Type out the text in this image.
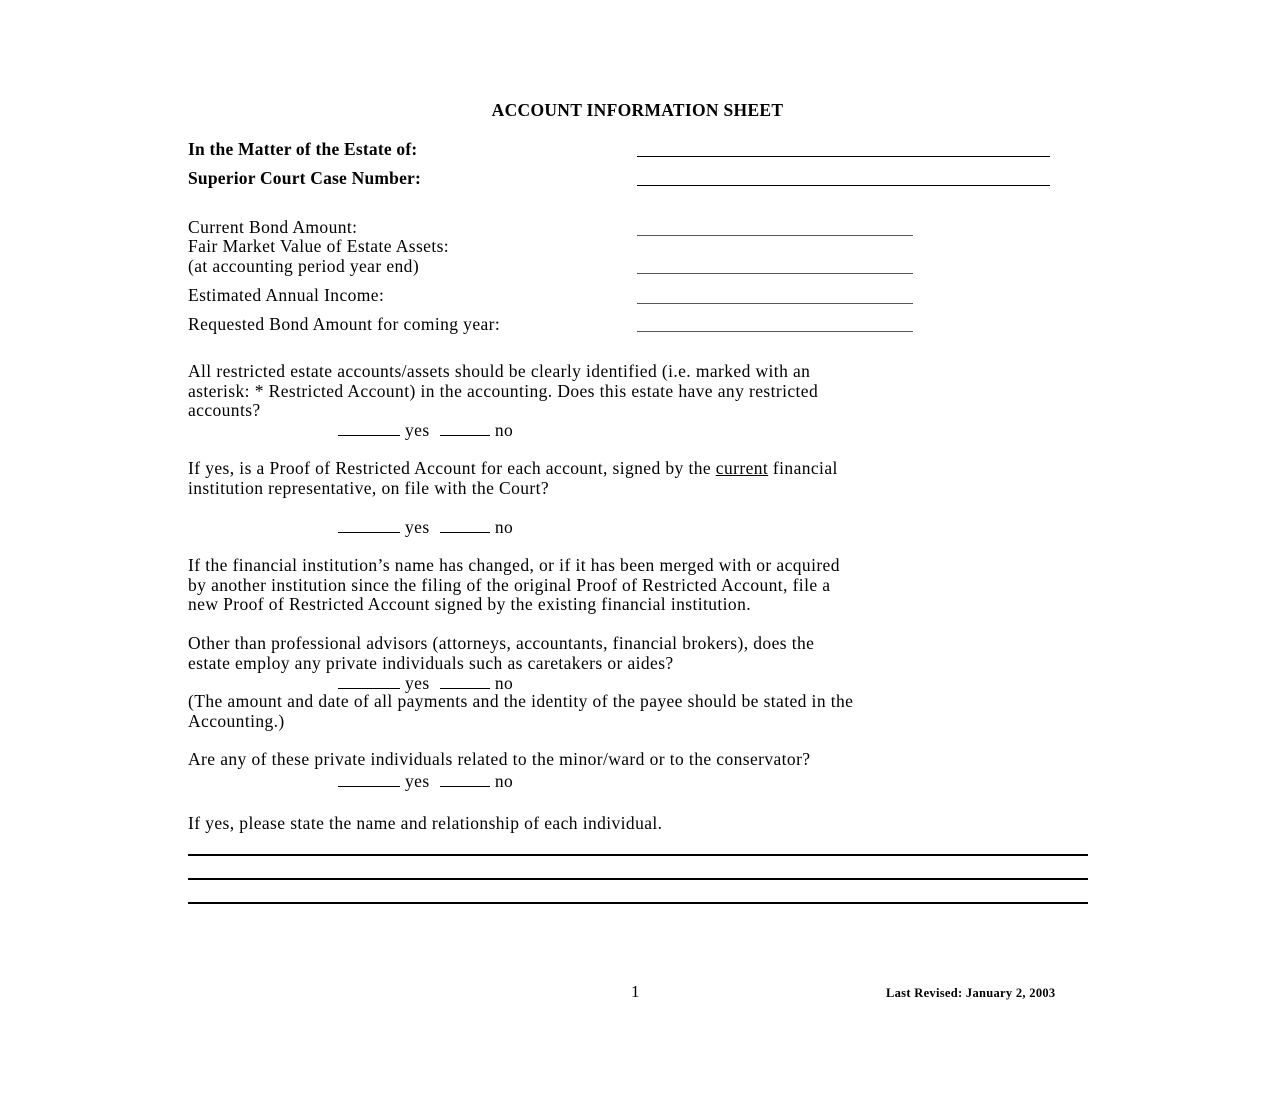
ACCOUNT INFORMATION SHEET
In the Matter of the Estate of:
Superior Court Case Number:
Current Bond Amount:
Fair Market Value of Estate Assets:
(at accounting period year end)
Estimated Annual Income:
Requested Bond Amount for coming year:
All restricted estate accounts/assets should be clearly identified (i.e. marked with an
asterisk: * Restricted Account) in the accounting. Does this estate have any restricted
accounts?
yes	no
If yes, is a Proof of Restricted Account for each account, signed by the current financial
institution representative, on file with the Court?
yes	no
If the financial institution’s name has changed, or if it has been merged with or acquired
by another institution since the filing of the original Proof of Restricted Account, file a
new Proof of Restricted Account signed by the existing financial institution.
Other than professional advisors (attorneys, accountants, financial brokers), does the
estate employ any private individuals such as caretakers or aides?
yes	no
(The amount and date of all payments and the identity of the payee should be stated in the
Accounting.)
Are any of these private individuals related to the minor/ward or to the conservator?
yes	no
If yes, please state the name and relationship of each individual.
1	Last Revised: January 2, 2003
